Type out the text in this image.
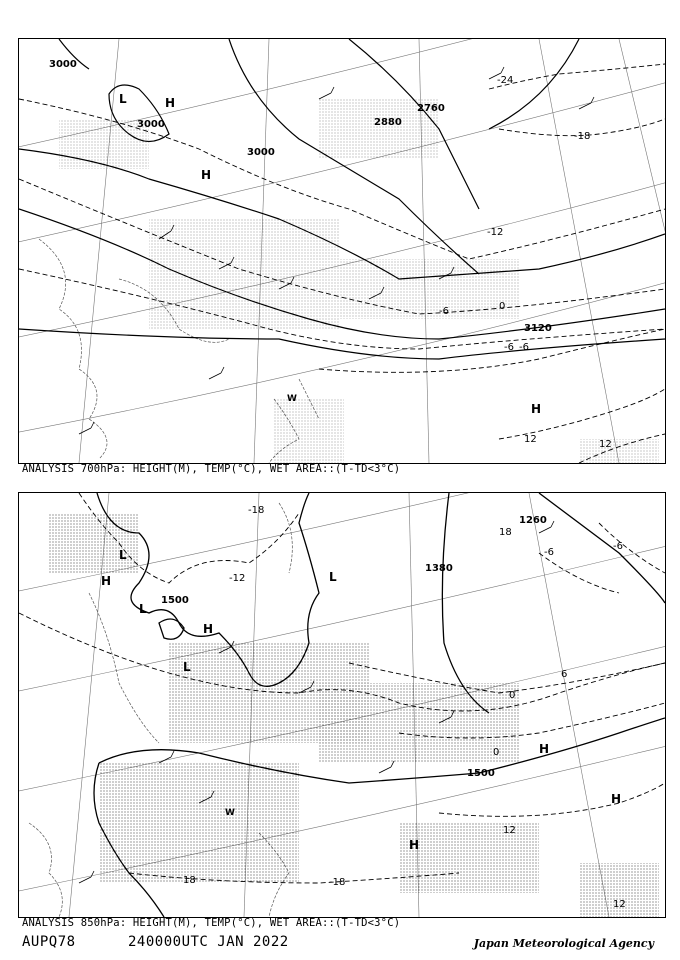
3000
3000
3000
2760
2880
3120
-24
-18
-12
-6
-6
0
12	12
-6
L	H
H
H
W
ANALYSIS 700hPa: HEIGHT(M), TEMP(°C), WET AREA::(T-TD<3°C)
1500
1380
1260
1500
-18
-12
-6
0
6
12
18	-18
0
-6
18
12
L
H
L
H
L
H
H
H
L
W
ANALYSIS 850hPa: HEIGHT(M), TEMP(°C), WET AREA::(T-TD<3°C)
AUPQ78	240000UTC JAN 2022	Japan Meteorological Agency
